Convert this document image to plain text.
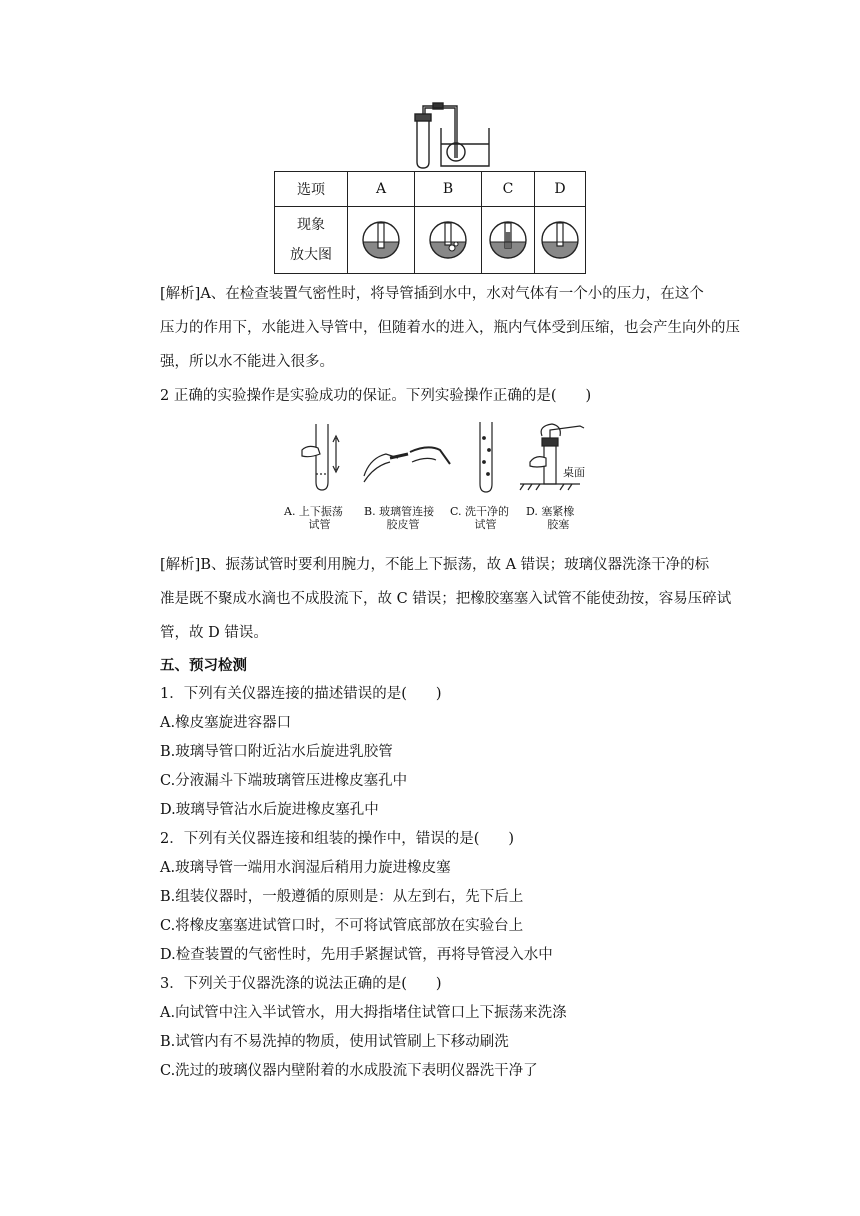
选项	A	B	C	D

现象
放大图

[解析]A、在检查装置气密性时，将导管插到水中，水对气体有一个小的压力，在这个
压力的作用下，水能进入导管中，但随着水的进入，瓶内气体受到压缩，也会产生向外的压
强，所以水不能进入很多。
2 正确的实验操作是实验成功的保证。下列实验操作正确的是(　　)
桌面
A. 上下振荡
试管
B. 玻璃管连接
胶皮管
C. 洗干净的
试管
D. 塞紧橡
胶塞
[解析]B、振荡试管时要利用腕力，不能上下振荡，故 A 错误；玻璃仪器洗涤干净的标
准是既不聚成水滴也不成股流下，故 C 错误；把橡胶塞塞入试管不能使劲按，容易压碎试
管，故 D 错误。
五、预习检测
1．下列有关仪器连接的描述错误的是(　　)
A.橡皮塞旋进容器口
B.玻璃导管口附近沾水后旋进乳胶管
C.分液漏斗下端玻璃管压进橡皮塞孔中
D.玻璃导管沾水后旋进橡皮塞孔中
2．下列有关仪器连接和组装的操作中，错误的是(　　)
A.玻璃导管一端用水润湿后稍用力旋进橡皮塞
B.组装仪器时，一般遵循的原则是：从左到右，先下后上
C.将橡皮塞塞进试管口时，不可将试管底部放在实验台上
D.检查装置的气密性时，先用手紧握试管，再将导管浸入水中
3．下列关于仪器洗涤的说法正确的是(　　)
A.向试管中注入半试管水，用大拇指堵住试管口上下振荡来洗涤
B.试管内有不易洗掉的物质，使用试管刷上下移动刷洗
C.洗过的玻璃仪器内壁附着的水成股流下表明仪器洗干净了
